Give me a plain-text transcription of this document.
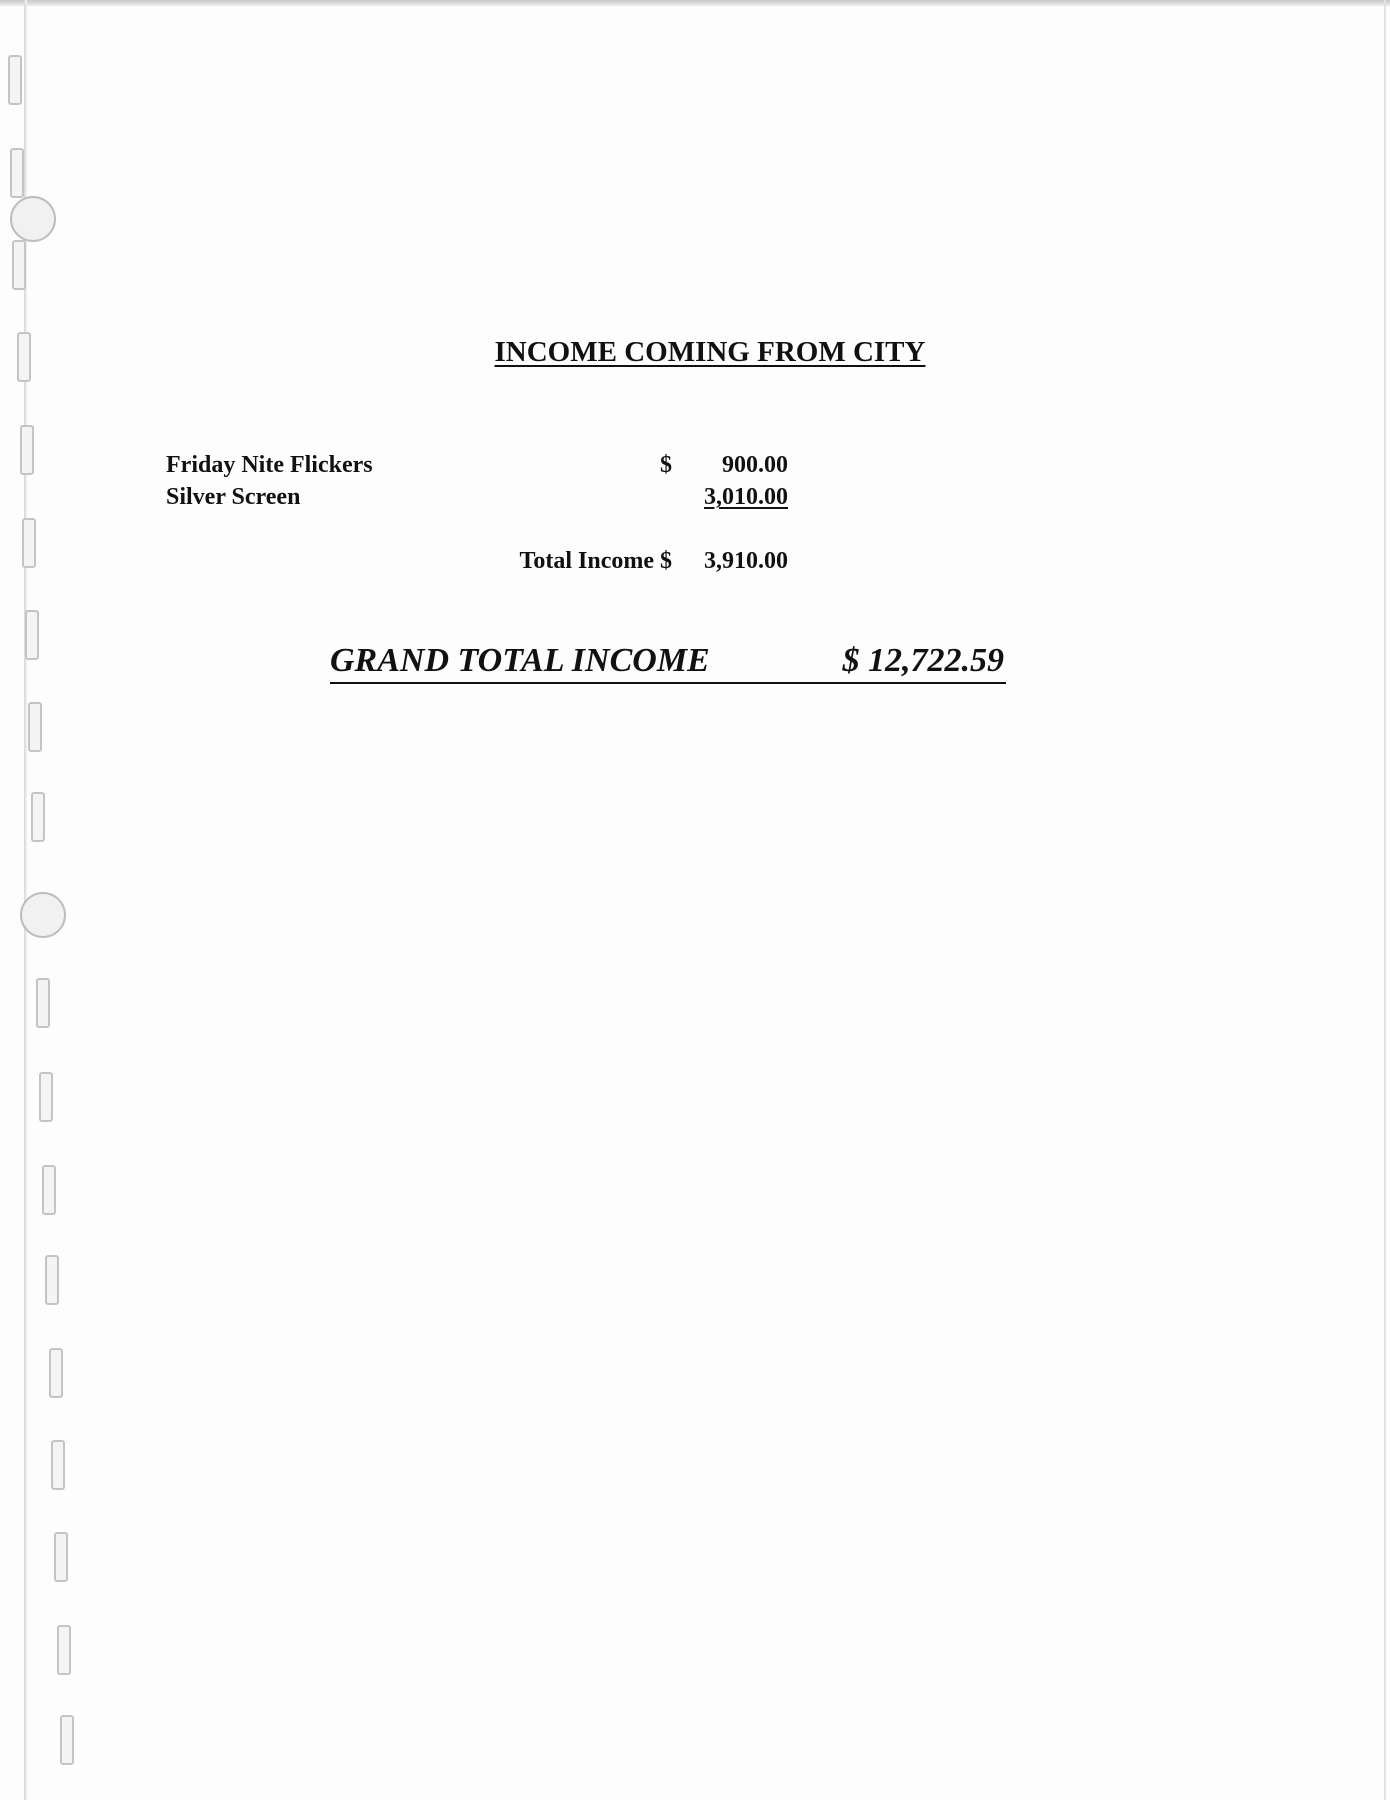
INCOME COMING FROM CITY
Friday Nite Flickers	$ 900.00
Silver Screen	3,010.00
Total Income $ 3,910.00
GRAND TOTAL INCOME	$ 12,722.59
